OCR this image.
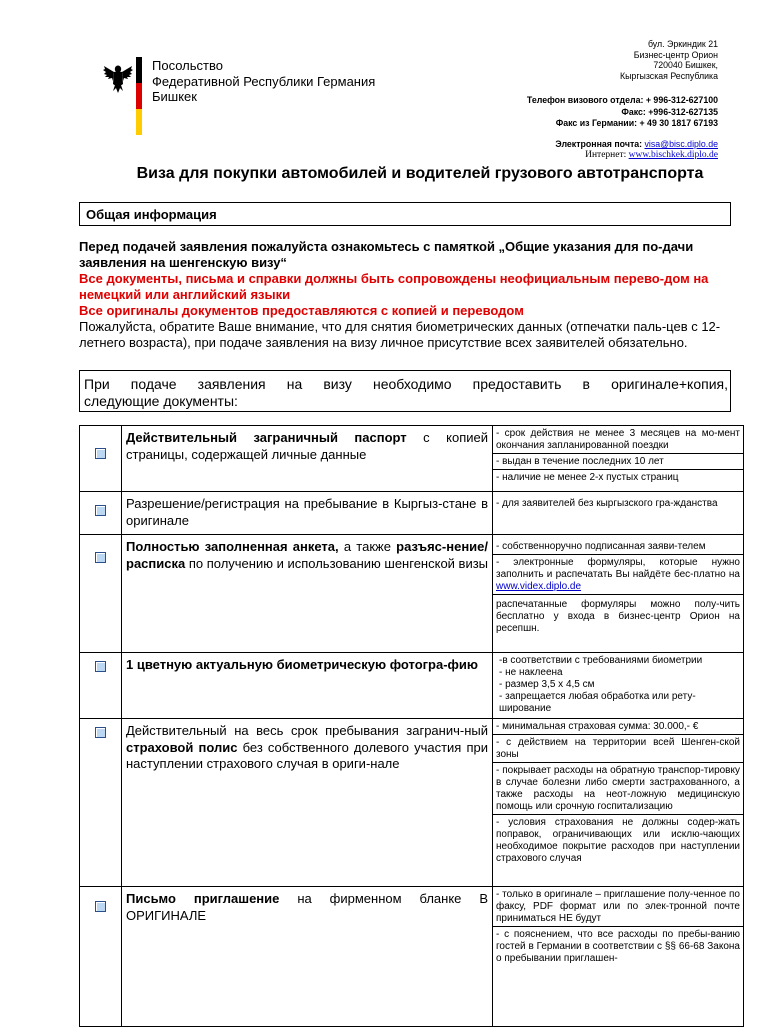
Посольство
Федеративной Республики Германия
Бишкек
бул. Эркиндик 21
Бизнес-центр Орион
720040 Бишкек,
Кыргызская Республика
Телефон визового отдела: + 996-312-627100
Факс: +996-312-627135
Факс из Германии: + 49 30 1817 67193
Электронная почта: visa@bisc.diplo.de
Интернет: www.bischkek.diplo.de
Виза для покупки автомобилей и водителей грузового автотранспорта
Общая информация

Перед подачей заявления пожалуйста ознакомьтесь с памяткой „Общие указания для по-дачи заявления на шенгенскую визу“

Все документы, письма и справки должны быть сопровождены неофициальным перево-дом на немецкий или английский языки

Все оригиналы документов предоставляются с копией и переводом

Пожалуйста, обратите Ваше внимание, что для снятия биометрических данных (отпечатки паль-цев с 12-летнего возраста), при подаче заявления на визу личное присутствие всех заявителей обязательно.

При подаче заявления на визу необходимо предоставить в оригинале+копия,
следующие документы:
	Действительный заграничный паспорт с копией страницы, содержащей личные данные	- срок действия не менее 3 месяцев на мо-мент окончания запланированной поездки

- выдан в течение последних 10 лет

- наличие не менее 2-х пустых страниц

	Разрешение/регистрация на пребывание в Кыргыз-стане в оригинале	- для заявителей без кыргызского гра-жданства

	Полностью заполненная анкета, а также разъяс-нение/расписка по получению и использованию шенгенской визы	- собственноручно подписанная заяви-телем

- электронные формуляры, которые нужно заполнить и распечатать Вы найдёте бес-платно на www.videx.diplo.de

распечатанные формуляры можно полу-чить бесплатно у входа в бизнес-центр Орион на ресепшн.

	1 цветную актуальную биометрическую фотогра-фию	-в соответствии с требованиями биометрии
- не наклеена
- размер 3,5 х 4,5 см
- запрещается любая обработка или рету-ширование

	Действительный на весь срок пребывания загранич-ный страховой полис без собственного долевого участия при наступлении страхового случая в ориги-нале	- минимальная страховая сумма: 30.000,- €

- с действием на территории всей Шенген-ской зоны

- покрывает расходы на обратную транспор-тировку в случае болезни либо смерти застрахованного, а также расходы на неот-ложную медицинскую помощь или срочную госпитализацию

- условия страхования не должны содер-жать поправок, ограничивающих или исклю-чающих необходимое покрытие расходов при наступлении страхового случая

	Письмо приглашение на фирменном бланке В ОРИГИНАЛЕ	- только в оригинале – приглашение полу-ченное по факсу, PDF формат или по элек-тронной почте приниматься НЕ будут

- с пояснением, что все расходы по пребы-ванию гостей в Германии в соответствии с §§ 66-68 Закона о пребывании приглашен-
